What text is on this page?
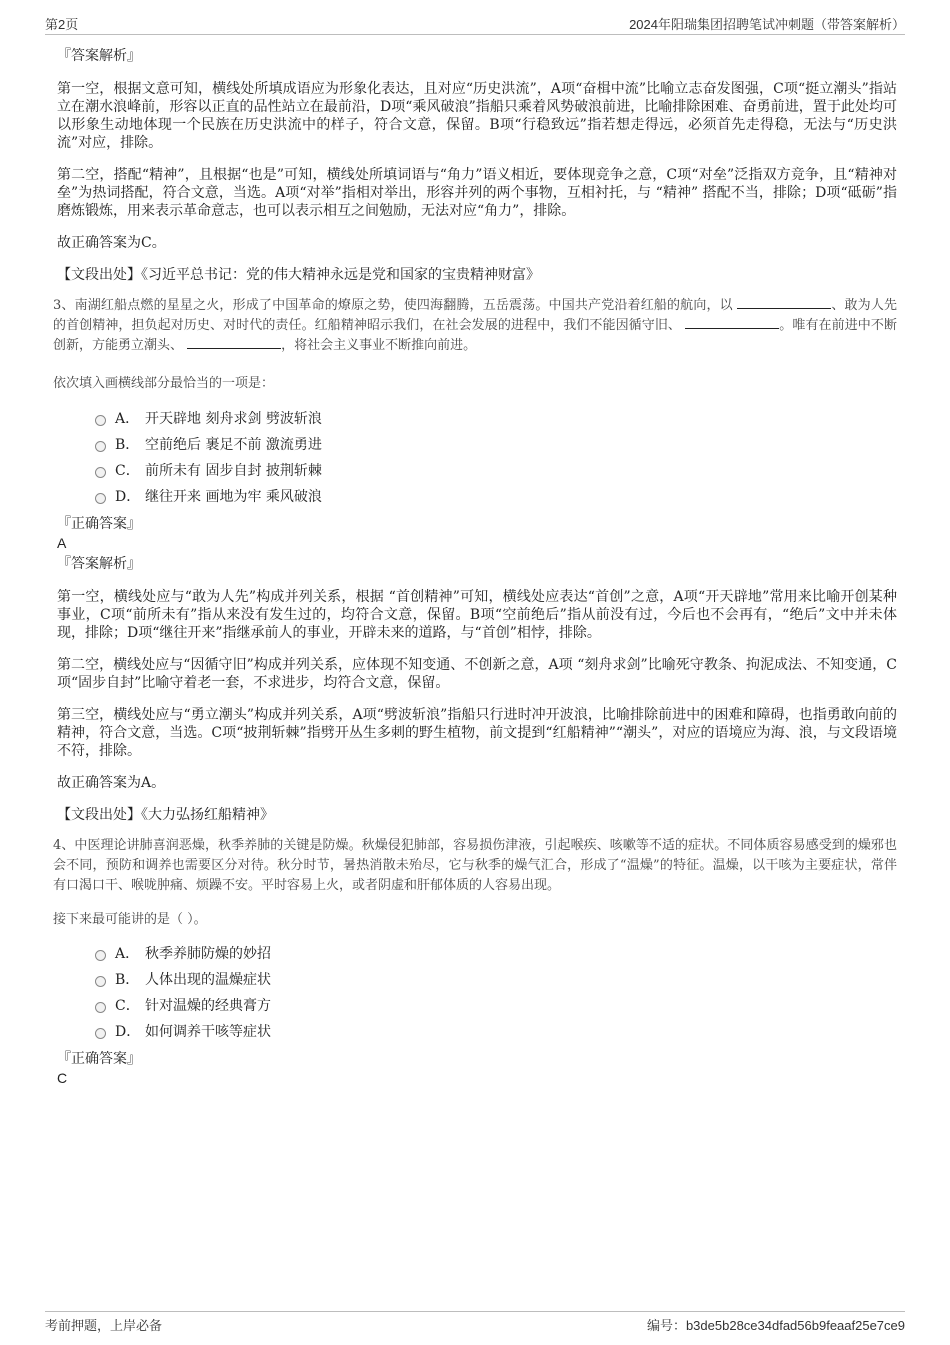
第2页	2024年阳瑞集团招聘笔试冲刺题（带答案解析）

『答案解析』

第一空，根据文意可知，横线处所填成语应为形象化表达，且对应“历史洪流”，A项“奋楫中流”比喻立志奋发图强，C项“挺立潮头”指站立在潮水浪峰前，形容以正直的品性站立在最前沿，D项“乘风破浪”指船只乘着风势破浪前进，比喻排除困难、奋勇前进，置于此处均可以形象生动地体现一个民族在历史洪流中的样子，符合文意，保留。B项“行稳致远”指若想走得远，必须首先走得稳，无法与“历史洪流”对应，排除。

第二空，搭配“精神”，且根据“也是”可知，横线处所填词语与“角力”语义相近，要体现竞争之意，C项“对垒”泛指双方竞争，且“精神对垒”为热词搭配，符合文意，当选。A项“对举”指相对举出，形容并列的两个事物，互相衬托，与 “精神” 搭配不当，排除；D项“砥砺”指磨炼锻炼，用来表示革命意志，也可以表示相互之间勉励，无法对应“角力”，排除。

故正确答案为C。

【文段出处】《习近平总书记：党的伟大精神永远是党和国家的宝贵精神财富》

3、南湖红船点燃的星星之火，形成了中国革命的燎原之势，使四海翻腾，五岳震荡。中国共产党沿着红船的航向，以	、敢为人先的首创精神，担负起对历史、对时代的责任。红船精神昭示我们，在社会发展的进程中，我们不能因循守旧、	。唯有在前进中不断创新，方能勇立潮头、	，将社会主义事业不断推向前进。

依次填入画横线部分最恰当的一项是：

A． 开天辟地 刻舟求剑 劈波斩浪
B． 空前绝后 裹足不前 激流勇进
C． 前所未有 固步自封 披荆斩棘
D． 继往开来 画地为牢 乘风破浪

『正确答案』

A

『答案解析』

第一空，横线处应与“敢为人先”构成并列关系，根据 “首创精神”可知，横线处应表达“首创”之意，A项“开天辟地”常用来比喻开创某种事业，C项“前所未有”指从来没有发生过的，均符合文意，保留。B项“空前绝后”指从前没有过，今后也不会再有，“绝后”文中并未体现，排除；D项“继往开来”指继承前人的事业，开辟未来的道路，与“首创”相悖，排除。

第二空，横线处应与“因循守旧”构成并列关系，应体现不知变通、不创新之意，A项 “刻舟求剑”比喻死守教条、拘泥成法、不知变通，C项“固步自封”比喻守着老一套，不求进步，均符合文意，保留。

第三空，横线处应与“勇立潮头”构成并列关系，A项“劈波斩浪”指船只行进时冲开波浪，比喻排除前进中的困难和障碍，也指勇敢向前的精神，符合文意，当选。C项“披荆斩棘”指劈开丛生多刺的野生植物，前文提到“红船精神”“潮头”，对应的语境应为海、浪，与文段语境不符，排除。

故正确答案为A。

【文段出处】《大力弘扬红船精神》

4、中医理论讲肺喜润恶燥，秋季养肺的关键是防燥。秋燥侵犯肺部，容易损伤津液，引起喉疾、咳嗽等不适的症状。不同体质容易感受到的燥邪也会不同，预防和调养也需要区分对待。秋分时节，暑热消散未殆尽，它与秋季的燥气汇合，形成了“温燥”的特征。温燥，以干咳为主要症状，常伴有口渴口干、喉咙肿痛、烦躁不安。平时容易上火，或者阴虚和肝郁体质的人容易出现。

接下来最可能讲的是（ ）。

A． 秋季养肺防燥的妙招
B． 人体出现的温燥症状
C． 针对温燥的经典膏方
D． 如何调养干咳等症状

『正确答案』

C

考前押题，上岸必备	编号：b3de5b28ce34dfad56b9feaaf25e7ce9
